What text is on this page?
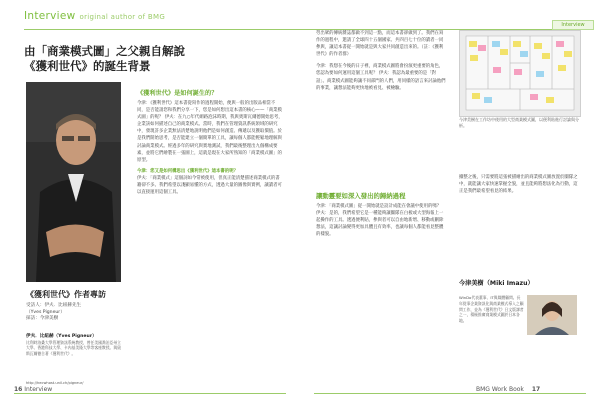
Interview original author of BMG
Interview
由「商業模式圖」之父親自解說
《獲利世代》的誕生背景
《獲利世代》作者專訪
受訪人：伊夫．比紐赫先生
（Yves Pigneur）
採訪：今津美樹
伊夫．比紐赫（Yves Pigneur）
比利時洛桑大學管理資訊系統教授，曾任美國喬治亞州立大學、香港科技大學、卡內基美隆大學等客座教授。與奧斯瓦爾德合著《獲利世代》。
http://hecwhost.unil.ch/pigneur/
《獲利世代》是如何誕生的？
今津：《獲利世代》這本書從寫作的過程開始，便與一般的出版品相當不同，是否能請您和我們分享一下，您是如何想出這本書的核心——「商業模式圖」的呢？ 伊夫：在九○年代網路泡沫時期，我與奧斯瓦爾德開始思考，企業該如何描述自己的商業模式。當時，我們在管理資訊系統領域的研究中，發現許多企業無法清楚地說明他們是如何創造、傳遞以及獲取價值。於是我們開始思考，是否能建立一個簡單的工具，讓每個人都能輕鬆地理解與討論商業模式。經過多年的研究與實地測試，我們最後整理出九個構成要素，並將它們繪製在一張圖上，這就是現在大家所熟知的「商業模式圖」的原型。
今津：您又是如何構思出《獲利世代》這本書的呢？
伊夫：「商業模式」這個詞如今常被使用，但真正能清楚描述商業模式的書籍卻不多。我們希望以淺顯易懂的方式，透過大量的圖像與實例，讓讀者可以直接運用這個工具。
勞出眾的傳統雜誌都做不到這一點，而這本書卻做到了。我們在寫作的過程中，邀請了全球四十五個國家、共四百七十位的讀者一同參與，讓這本書從一開始就是與大家共同創造出來的。（註：《獲利世代》的作者群）
今津：我想在今後的日子裡，商業模式圖將會扮演更重要的角色，您認為要如何運用這個工具呢？ 伊夫：我認為最重要的是「對話」。商業模式圖能夠讓不同部門的人們，用同樣的語言來討論他們的事業，讓想法能夠更快地被看見、被檢驗。
讓動靈要如深入發出的歸納過程
今津：「商業模式圖」從一開始就是設計成能在會議中使用的嗎？ 伊夫：是的，我們希望它是一種能夠讓團隊在白板或大型海報上一起操作的工具。透過便利貼，參與者可以自由地新增、移動或刪除想法，這讓討論變得更加具體且有效率，也讓每個人都能看見整體的樣貌。
今津美樹在工作坊中使用的大型商業模式圖，以便利貼進行討論與分析。
據整之後，只需要將這張被描繪出的商業模式圖放置於團隊之中，就能讓大家快速掌握全貌，並且能夠將想法化為行動，這正是我們最希望看見的結果。
今津美樹（Miki Imazu）
WinDo代表董事、IT與媒體顧問。長年從事企業資訊化與商業模式導入之顧問工作，並為《獲利世代》日文版譯者之一，積極推廣商業模式圖於日本各地。
16 Interview	BMG Work Book 17
